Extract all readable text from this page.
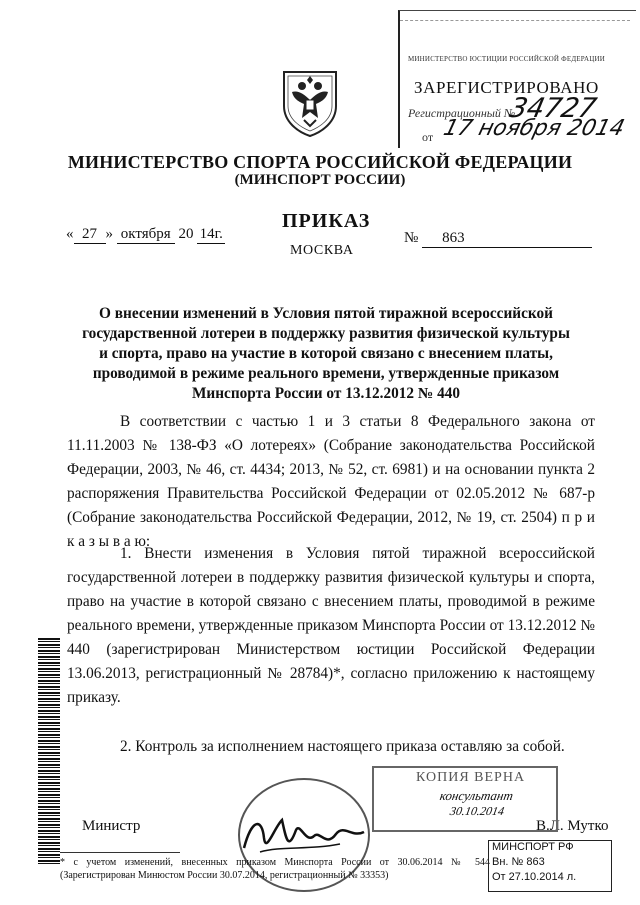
МИНИСТЕРСТВО ЮСТИЦИИ РОССИЙСКОЙ ФЕДЕРАЦИИ
ЗАРЕГИСТРИРОВАНО
Регистрационный №
34727
от 17 ноября 2014
МИНИСТЕРСТВО СПОРТА РОССИЙСКОЙ ФЕДЕРАЦИИ
(МИНСПОРТ РОССИИ)
ПРИКАЗ
МОСКВА
« 27 » октября 20 14г.	№ 863
О внесении изменений в Условия пятой тиражной всероссийской государственной лотереи в поддержку развития физической культуры и спорта, право на участие в которой связано с внесением платы, проводимой в режиме реального времени, утвержденные приказом Минспорта России от 13.12.2012 № 440
В соответствии с частью 1 и 3 статьи 8 Федерального закона от 11.11.2003 № 138-ФЗ «О лотереях» (Собрание законодательства Российской Федерации, 2003, № 46, ст. 4434; 2013, № 52, ст. 6981) и на основании пункта 2 распоряжения Правительства Российской Федерации от 02.05.2012 № 687-р (Собрание законодательства Российской Федерации, 2012, № 19, ст. 2504) п р и к а з ы в а ю:
1. Внести изменения в Условия пятой тиражной всероссийской государственной лотереи в поддержку развития физической культуры и спорта, право на участие в которой связано с внесением платы, проводимой в режиме реального времени, утвержденные приказом Минспорта России от 13.12.2012 № 440 (зарегистрирован Министерством юстиции Российской Федерации 13.06.2013, регистрационный № 28784)*, согласно приложению к настоящему приказу.
2. Контроль за исполнением настоящего приказа оставляю за собой.
Министр	В.Л. Мутко
КОПИЯ ВЕРНА
консультант
30.10.2014
* с учетом изменений, внесенных приказом Минспорта России от 30.06.2014 № 544 (Зарегистрирован Минюстом России 30.07.2014, регистрационный № 33353)
МИНСПОРТ РФ
Вн. № 863
От 27.10.2014 л.
